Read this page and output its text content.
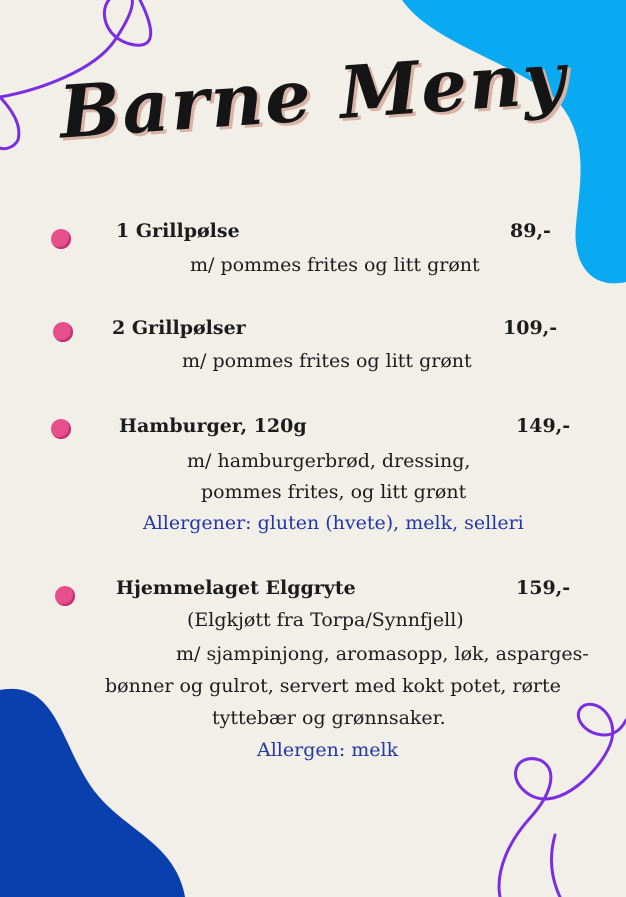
Barne Meny
1 Grillpølse	89,-
m/ pommes frites og litt grønt
2 Grillpølser	109,-
m/ pommes frites og litt grønt
Hamburger, 120g	149,-
m/ hamburgerbrød, dressing,
pommes frites, og litt grønt
Allergener: gluten (hvete), melk, selleri
Hjemmelaget Elggryte	159,-
(Elgkjøtt fra Torpa/Synnfjell)
m/ sjampinjong, aromasopp, løk, asparges-
bønner og gulrot, servert med kokt potet, rørte
tyttebær og grønnsaker.
Allergen: melk
